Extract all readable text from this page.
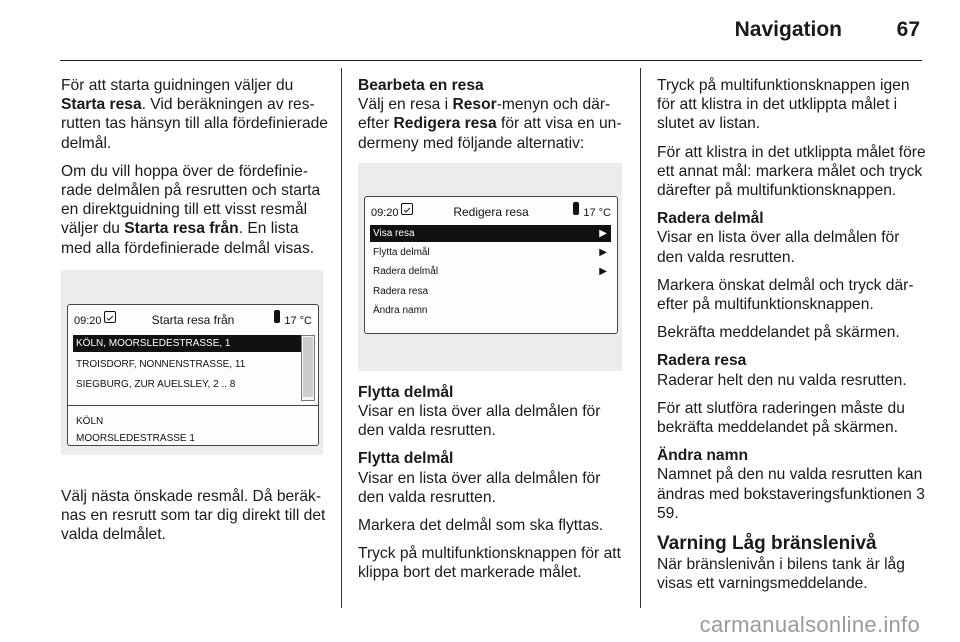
Navigation	67

För att starta guidningen väljer du Starta resa. Vid beräkningen av resrutten tas hänsyn till alla fördefinierade delmål.

Om du vill hoppa över de fördefinierade delmålen på resrutten och starta en direktguidning till ett visst resmål väljer du Starta resa från. En lista med alla fördefinierade delmål visas.

09:20	Starta resa från	17 °C
KÖLN, MOORSLEDESTRASSE, 1
TROISDORF, NONNENSTRASSE, 11
SIEGBURG, ZUR AUELSLEY, 2 .. 8
KÖLN
MOORSLEDESTRASSE 1

Välj nästa önskade resmål. Då beräknas en resrutt som tar dig direkt till det valda delmålet.

Bearbeta en resa

Välj en resa i Resor-menyn och därefter Redigera resa för att visa en undermeny med följande alternativ:

09:20	Redigera resa	17 °C
Visa resa	▶
Flytta delmål	▶
Radera delmål	▶
Radera resa
Ändra namn
Flytta delmål

Visar en lista över alla delmålen för den valda resrutten.

Flytta delmål

Visar en lista över alla delmålen för den valda resrutten.

Markera det delmål som ska flyttas.

Tryck på multifunktionsknappen för att klippa bort det markerade målet.

Tryck på multifunktionsknappen igen för att klistra in det utklippta målet i slutet av listan.

För att klistra in det utklippta målet före ett annat mål: markera målet och tryck därefter på multifunktionsknappen.

Radera delmål

Visar en lista över alla delmålen för den valda resrutten.

Markera önskat delmål och tryck därefter på multifunktionsknappen.

Bekräfta meddelandet på skärmen.

Radera resa

Raderar helt den nu valda resrutten.

För att slutföra raderingen måste du bekräfta meddelandet på skärmen.

Ändra namn

Namnet på den nu valda resrutten kan ändras med bokstaveringsfunktionen 3 59.

Varning Låg bränslenivå

När bränslenivån i bilens tank är låg visas ett varningsmeddelande.

carmanualsonline.info
